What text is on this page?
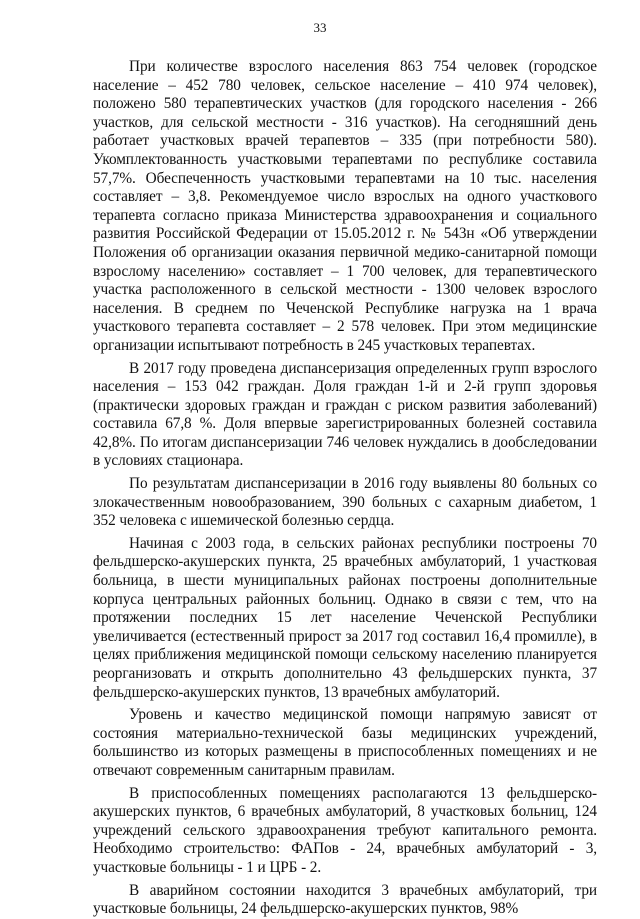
33

При количестве взрослого населения 863 754 человек (городское население – 452 780 человек, сельское население – 410 974 человек), положено 580 терапевтических участков (для городского населения - 266 участков, для сельской местности - 316 участков). На сегодняшний день работает участковых врачей терапевтов – 335 (при потребности 580). Укомплектованность участковыми терапевтами по республике составила 57,7%. Обеспеченность участковыми терапевтами на 10 тыс. населения составляет – 3,8. Рекомендуемое число взрослых на одного участкового терапевта согласно приказа Министерства здравоохранения и социального развития Российской Федерации от 15.05.2012 г. № 543н «Об утверждении Положения об организации оказания первичной медико-санитарной помощи взрослому населению» составляет – 1 700 человек, для терапевтического участка расположенного в сельской местности - 1300 человек взрослого населения. В среднем по Чеченской Республике нагрузка на 1 врача участкового терапевта составляет – 2 578 человек. При этом медицинские организации испытывают потребность в 245 участковых терапевтах.

В 2017 году проведена диспансеризация определенных групп взрослого населения – 153 042 граждан. Доля граждан 1-й и 2-й групп здоровья (практически здоровых граждан и граждан с риском развития заболеваний) составила 67,8 %. Доля впервые зарегистрированных болезней составила 42,8%. По итогам диспансеризации 746 человек нуждались в дообследовании в условиях стационара.

По результатам диспансеризации в 2016 году выявлены 80 больных со злокачественным новообразованием, 390 больных с сахарным диабетом, 1 352 человека с ишемической болезнью сердца.

Начиная с 2003 года, в сельских районах республики построены 70 фельдшерско-акушерских пункта, 25 врачебных амбулаторий, 1 участковая больница, в шести муниципальных районах построены дополнительные корпуса центральных районных больниц. Однако в связи с тем, что на протяжении последних 15 лет население Чеченской Республики увеличивается (естественный прирост за 2017 год составил 16,4 промилле), в целях приближения медицинской помощи сельскому населению планируется реорганизовать и открыть дополнительно 43 фельдшерских пункта, 37 фельдшерско-акушерских пунктов, 13 врачебных амбулаторий.

Уровень и качество медицинской помощи напрямую зависят от состояния материально-технической базы медицинских учреждений, большинство из которых размещены в приспособленных помещениях и не отвечают современным санитарным правилам.

В приспособленных помещениях располагаются 13 фельдшерско-акушерских пунктов, 6 врачебных амбулаторий, 8 участковых больниц, 124 учреждений сельского здравоохранения требуют капитального ремонта. Необходимо строительство: ФАПов - 24, врачебных амбулаторий - 3, участковые больницы - 1 и ЦРБ - 2.

В аварийном состоянии находится 3 врачебных амбулаторий, три участковые больницы, 24 фельдшерско-акушерских пунктов, 98%
